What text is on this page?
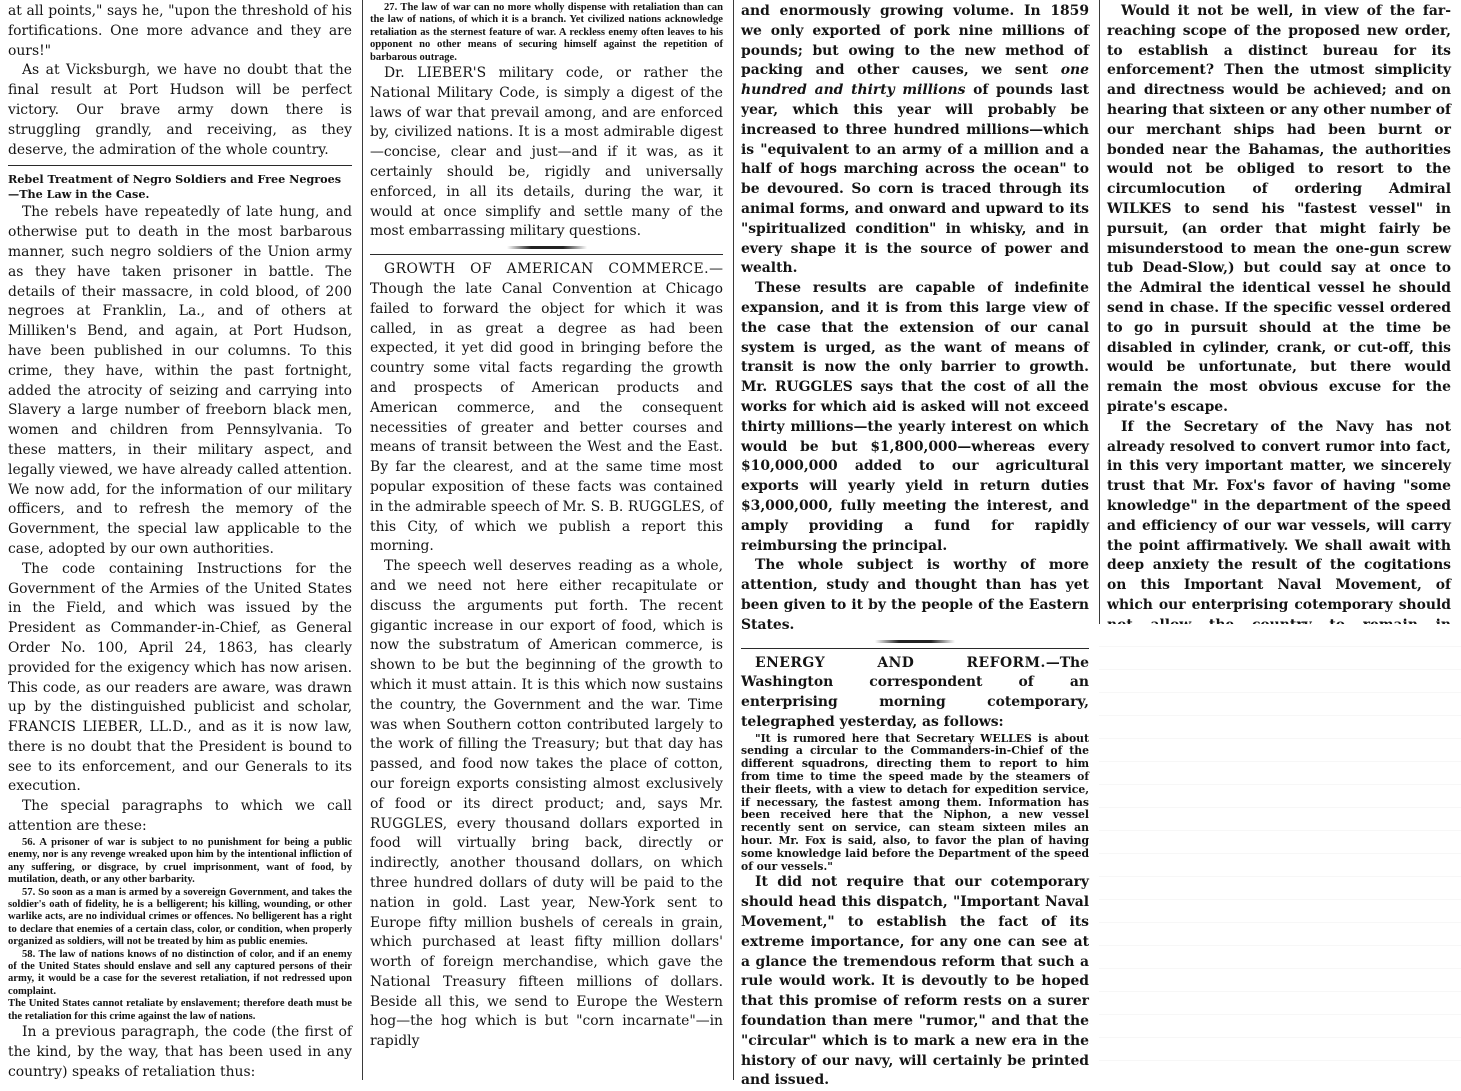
at all points," says he, "upon the threshold of his fortifications. One more advance and they are ours!"

As at Vicksburgh, we have no doubt that the final result at Port Hudson will be perfect victory. Our brave army down there is struggling grandly, and receiving, as they deserve, the admiration of the whole country.

Rebel Treatment of Negro Soldiers and Free Negroes—The Law in the Case.

The rebels have repeatedly of late hung, and otherwise put to death in the most barbarous manner, such negro soldiers of the Union army as they have taken prisoner in battle. The details of their massacre, in cold blood, of 200 negroes at Franklin, La., and of others at Milliken's Bend, and again, at Port Hudson, have been published in our columns. To this crime, they have, within the past fortnight, added the atrocity of seizing and carrying into Slavery a large number of freeborn black men, women and children from Pennsylvania. To these matters, in their military aspect, and legally viewed, we have already called attention. We now add, for the information of our military officers, and to refresh the memory of the Government, the special law applicable to the case, adopted by our own authorities.

The code containing Instructions for the Government of the Armies of the United States in the Field, and which was issued by the President as Commander-in-Chief, as General Order No. 100, April 24, 1863, has clearly provided for the exigency which has now arisen. This code, as our readers are aware, was drawn up by the distinguished publicist and scholar, FRANCIS LIEBER, LL.D., and as it is now law, there is no doubt that the President is bound to see to its enforcement, and our Generals to its execution.

The special paragraphs to which we call attention are these:

56. A prisoner of war is subject to no punishment for being a public enemy, nor is any revenge wreaked upon him by the intentional infliction of any suffering, or disgrace, by cruel imprisonment, want of food, by mutilation, death, or any other barbarity.

57. So soon as a man is armed by a sovereign Government, and takes the soldier's oath of fidelity, he is a belligerent; his killing, wounding, or other warlike acts, are no individual crimes or offences. No belligerent has a right to declare that enemies of a certain class, color, or condition, when properly organized as soldiers, will not be treated by him as public enemies.

58. The law of nations knows of no distinction of color, and if an enemy of the United States should enslave and sell any captured persons of their army, it would be a case for the severest retaliation, if not redressed upon complaint.

The United States cannot retaliate by enslavement; therefore death must be the retaliation for this crime against the law of nations.

In a previous paragraph, the code (the first of the kind, by the way, that has been used in any country) speaks of retaliation thus:

27. The law of war can no more wholly dispense with retaliation than can the law of nations, of which it is a branch. Yet civilized nations acknowledge retaliation as the sternest feature of war. A reckless enemy often leaves to his opponent no other means of securing himself against the repetition of barbarous outrage.

Dr. LIEBER'S military code, or rather the National Military Code, is simply a digest of the laws of war that prevail among, and are enforced by, civilized nations. It is a most admirable digest—concise, clear and just—and if it was, as it certainly should be, rigidly and universally enforced, in all its details, during the war, it would at once simplify and settle many of the most embarrassing military questions.

GROWTH OF AMERICAN COMMERCE.—Though the late Canal Convention at Chicago failed to forward the object for which it was called, in as great a degree as had been expected, it yet did good in bringing before the country some vital facts regarding the growth and prospects of American products and American commerce, and the consequent necessities of greater and better courses and means of transit between the West and the East. By far the clearest, and at the same time most popular exposition of these facts was contained in the admirable speech of Mr. S. B. RUGGLES, of this City, of which we publish a report this morning.

The speech well deserves reading as a whole, and we need not here either recapitulate or discuss the arguments put forth. The recent gigantic increase in our export of food, which is now the substratum of American commerce, is shown to be but the beginning of the growth to which it must attain. It is this which now sustains the country, the Government and the war. Time was when Southern cotton contributed largely to the work of filling the Treasury; but that day has passed, and food now takes the place of cotton, our foreign exports consisting almost exclusively of food or its direct product; and, says Mr. RUGGLES, every thousand dollars exported in food will virtually bring back, directly or indirectly, another thousand dollars, on which three hundred dollars of duty will be paid to the nation in gold. Last year, New-York sent to Europe fifty million bushels of cereals in grain, which purchased at least fifty million dollars' worth of foreign merchandise, which gave the National Treasury fifteen millions of dollars. Beside all this, we send to Europe the Western hog—the hog which is but "corn incarnate"—in rapidly

and enormously growing volume. In 1859 we only exported of pork nine millions of pounds; but owing to the new method of packing and other causes, we sent one hundred and thirty millions of pounds last year, which this year will probably be increased to three hundred millions—which is "equivalent to an army of a million and a half of hogs marching across the ocean" to be devoured. So corn is traced through its animal forms, and onward and upward to its "spiritualized condition" in whisky, and in every shape it is the source of power and wealth.

These results are capable of indefinite expansion, and it is from this large view of the case that the extension of our canal system is urged, as the want of means of transit is now the only barrier to growth. Mr. RUGGLES says that the cost of all the works for which aid is asked will not exceed thirty millions—the yearly interest on which would be but $1,800,000—whereas every $10,000,000 added to our agricultural exports will yearly yield in return duties $3,000,000, fully meeting the interest, and amply providing a fund for rapidly reimbursing the principal.

The whole subject is worthy of more attention, study and thought than has yet been given to it by the people of the Eastern States.

ENERGY AND REFORM.—The Washington correspondent of an enterprising morning cotemporary, telegraphed yesterday, as follows:

"It is rumored here that Secretary WELLES is about sending a circular to the Commanders-in-Chief of the different squadrons, directing them to report to him from time to time the speed made by the steamers of their fleets, with a view to detach for expedition service, if necessary, the fastest among them. Information has been received here that the Niphon, a new vessel recently sent on service, can steam sixteen miles an hour. Mr. Fox is said, also, to favor the plan of having some knowledge laid before the Department of the speed of our vessels."

It did not require that our cotemporary should head this dispatch, "Important Naval Movement," to establish the fact of its extreme importance, for any one can see at a glance the tremendous reform that such a rule would work. It is devoutly to be hoped that this promise of reform rests on a surer foundation than mere "rumor," and that the "circular" which is to mark a new era in the history of our navy, will certainly be printed and issued.

Would it not be well, in view of the far-reaching scope of the proposed new order, to establish a distinct bureau for its enforcement? Then the utmost simplicity and directness would be achieved; and on hearing that sixteen or any other number of our merchant ships had been burnt or bonded near the Bahamas, the authorities would not be obliged to resort to the circumlocution of ordering Admiral WILKES to send his "fastest vessel" in pursuit, (an order that might fairly be misunderstood to mean the one-gun screw tub Dead-Slow,) but could say at once to the Admiral the identical vessel he should send in chase. If the specific vessel ordered to go in pursuit should at the time be disabled in cylinder, crank, or cut-off, this would be unfortunate, but there would remain the most obvious excuse for the pirate's escape.

If the Secretary of the Navy has not already resolved to convert rumor into fact, in this very important matter, we sincerely trust that Mr. Fox's favor of having "some knowledge" in the department of the speed and efficiency of our war vessels, will carry the point affirmatively. We shall await with deep anxiety the result of the cogitations on this Important Naval Movement, of which our enterprising cotemporary should
